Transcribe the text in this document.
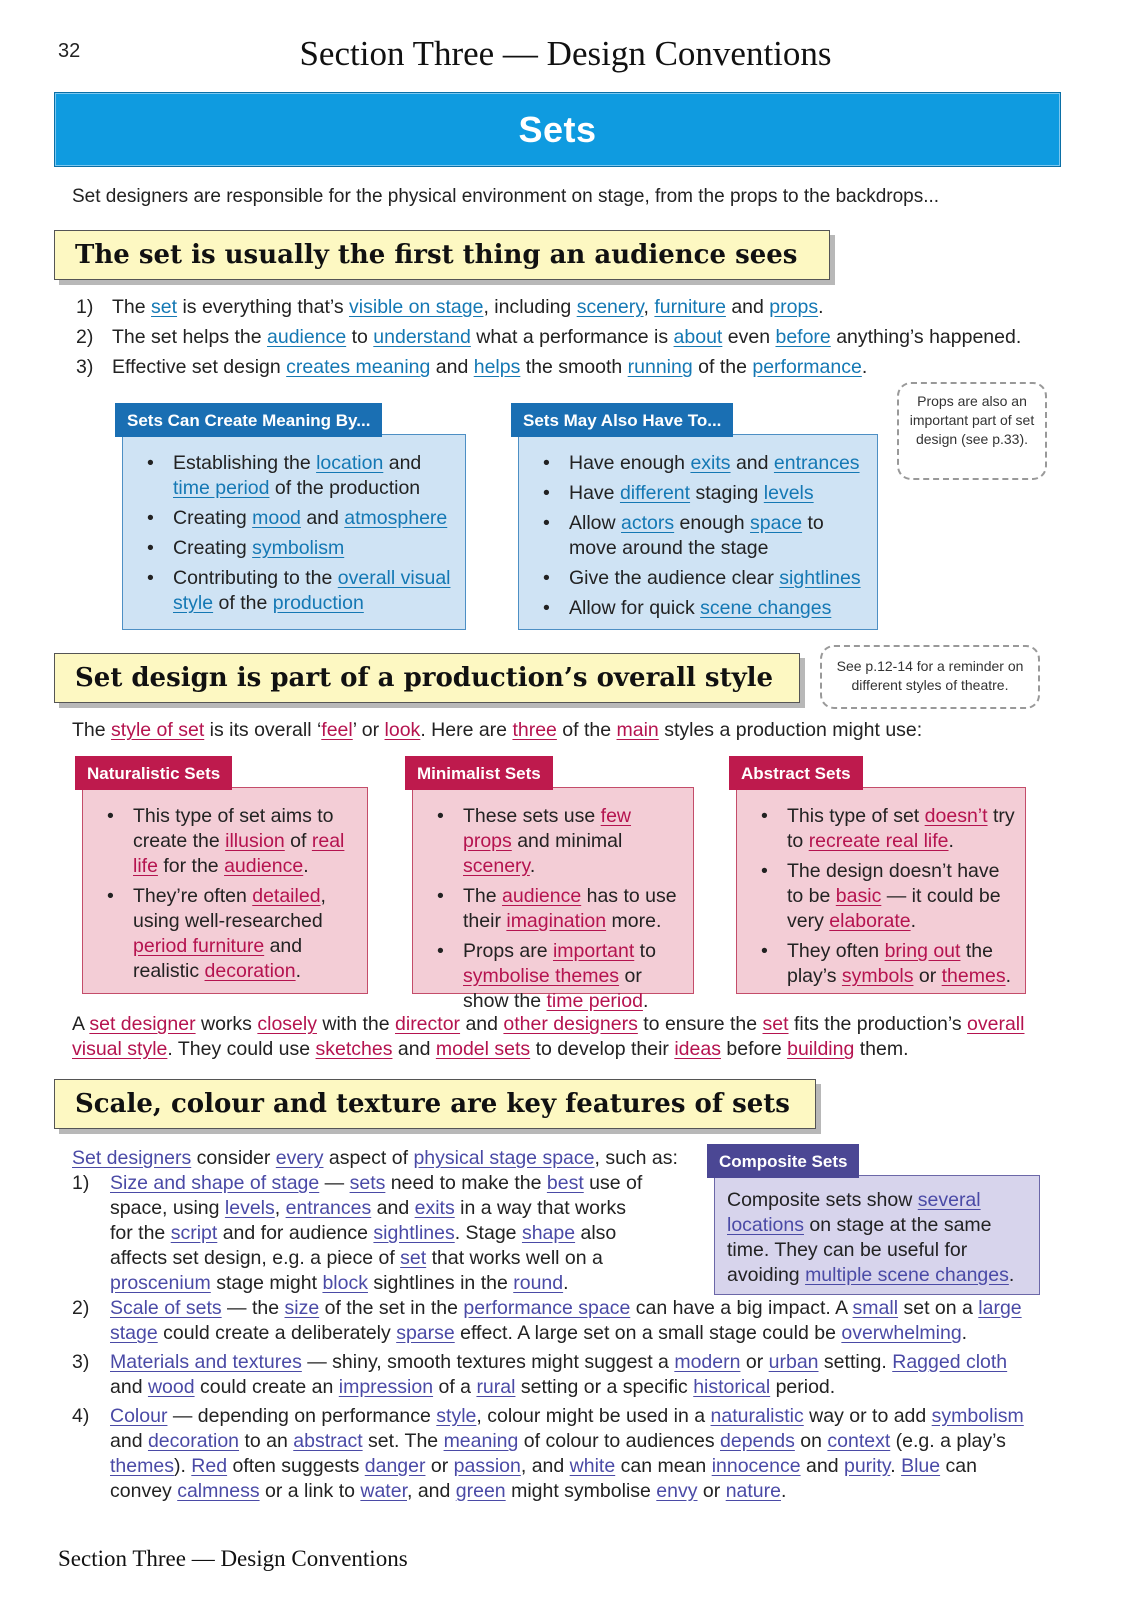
32	Section Three — Design Conventions
Sets
Set designers are responsible for the physical environment on stage, from the props to the backdrops...
The set is usually the first thing an audience sees
1) The set is everything that’s visible on stage, including scenery, furniture and props.
2) The set helps the audience to understand what a performance is about even before anything’s happened.
3) Effective set design creates meaning and helps the smooth running of the performance.
Sets Can Create Meaning By...
• Establishing the location and time period of the production
• Creating mood and atmosphere
• Creating symbolism
• Contributing to the overall visual style of the production
Sets May Also Have To...
• Have enough exits and entrances
• Have different staging levels
• Allow actors enough space to move around the stage
• Give the audience clear sightlines
• Allow for quick scene changes
Props are also an important part of set design (see p.33).
Set design is part of a production’s overall style	See p.12-14 for a reminder on different styles of theatre.
The style of set is its overall ‘feel’ or look. Here are three of the main styles a production might use:
Naturalistic Sets
• This type of set aims to create the illusion of real life for the audience.
• They’re often detailed, using well-researched period furniture and realistic decoration.
Minimalist Sets
• These sets use few props and minimal scenery.
• The audience has to use their imagination more.
• Props are important to symbolise themes or show the time period.
Abstract Sets
• This type of set doesn’t try to recreate real life.
• The design doesn’t have to be basic — it could be very elaborate.
• They often bring out the play’s symbols or themes.
A set designer works closely with the director and other designers to ensure the set fits the production’s overall visual style. They could use sketches and model sets to develop their ideas before building them.
Scale, colour and texture are key features of sets
Set designers consider every aspect of physical stage space, such as:	Composite Sets
Composite sets show several locations on stage at the same time. They can be useful for avoiding multiple scene changes.
1) Size and shape of stage — sets need to make the best use of space, using levels, entrances and exits in a way that works for the script and for audience sightlines. Stage shape also affects set design, e.g. a piece of set that works well on a proscenium stage might block sightlines in the round.
2) Scale of sets — the size of the set in the performance space can have a big impact. A small set on a large stage could create a deliberately sparse effect. A large set on a small stage could be overwhelming.
3) Materials and textures — shiny, smooth textures might suggest a modern or urban setting. Ragged cloth and wood could create an impression of a rural setting or a specific historical period.
4) Colour — depending on performance style, colour might be used in a naturalistic way or to add symbolism and decoration to an abstract set. The meaning of colour to audiences depends on context (e.g. a play’s themes). Red often suggests danger or passion, and white can mean innocence and purity. Blue can convey calmness or a link to water, and green might symbolise envy or nature.
Section Three — Design Conventions
